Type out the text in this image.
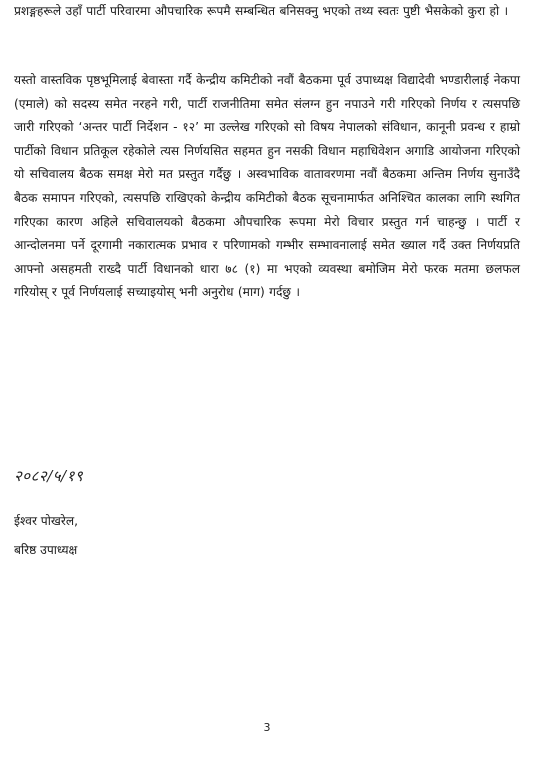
प्रशङ्गहरूले उहाँ पार्टी परिवारमा औपचारिक रूपमै सम्बन्धित बनिसक्नु भएको तथ्य स्वतः पुष्टी भैसकेको कुरा हो ।

यस्तो वास्तविक पृष्ठभूमिलाई बेवास्ता गर्दै केन्द्रीय कमिटीको नवौं बैठकमा पूर्व उपाध्यक्ष विद्यादेवी भण्डारीलाई नेकपा (एमाले) को सदस्य समेत नरहने गरी, पार्टी राजनीतिमा समेत संलग्न हुन नपाउने गरी गरिएको निर्णय र त्यसपछि जारी गरिएको ‘अन्तर पार्टी निर्देशन - १२’ मा उल्लेख गरिएको सो विषय नेपालको संविधान, कानूनी प्रवन्ध र हाम्रो पार्टीको विधान प्रतिकूल रहेकोले त्यस निर्णयसित सहमत हुन नसकी विधान महाधिवेशन अगाडि आयोजना गरिएको यो सचिवालय बैठक समक्ष मेरो मत प्रस्तुत गर्दैछु । अस्वभाविक वातावरणमा नवौं बैठकमा अन्तिम निर्णय सुनाउँदै बैठक समापन गरिएको, त्यसपछि राखिएको केन्द्रीय कमिटीको बैठक सूचनामार्फत अनिश्चित कालका लागि स्थगित गरिएका कारण अहिले सचिवालयको बैठकमा औपचारिक रूपमा मेरो विचार प्रस्तुत गर्न चाहन्छु । पार्टी र आन्दोलनमा पर्ने दूरगामी नकारात्मक प्रभाव र परिणामको गम्भीर सम्भावनालाई समेत ख्याल गर्दै उक्त निर्णयप्रति आफ्नो असहमती राख्दै पार्टी विधानको धारा ७८ (१) मा भएको व्यवस्था बमोजिम मेरो फरक मतमा छलफल गरियोस् र पूर्व निर्णयलाई सच्याइयोस् भनी अनुरोध (माग) गर्दछु ।

२०८२/५/१९
ईश्वर पोखरेल,
बरिष्ठ उपाध्यक्ष
3
